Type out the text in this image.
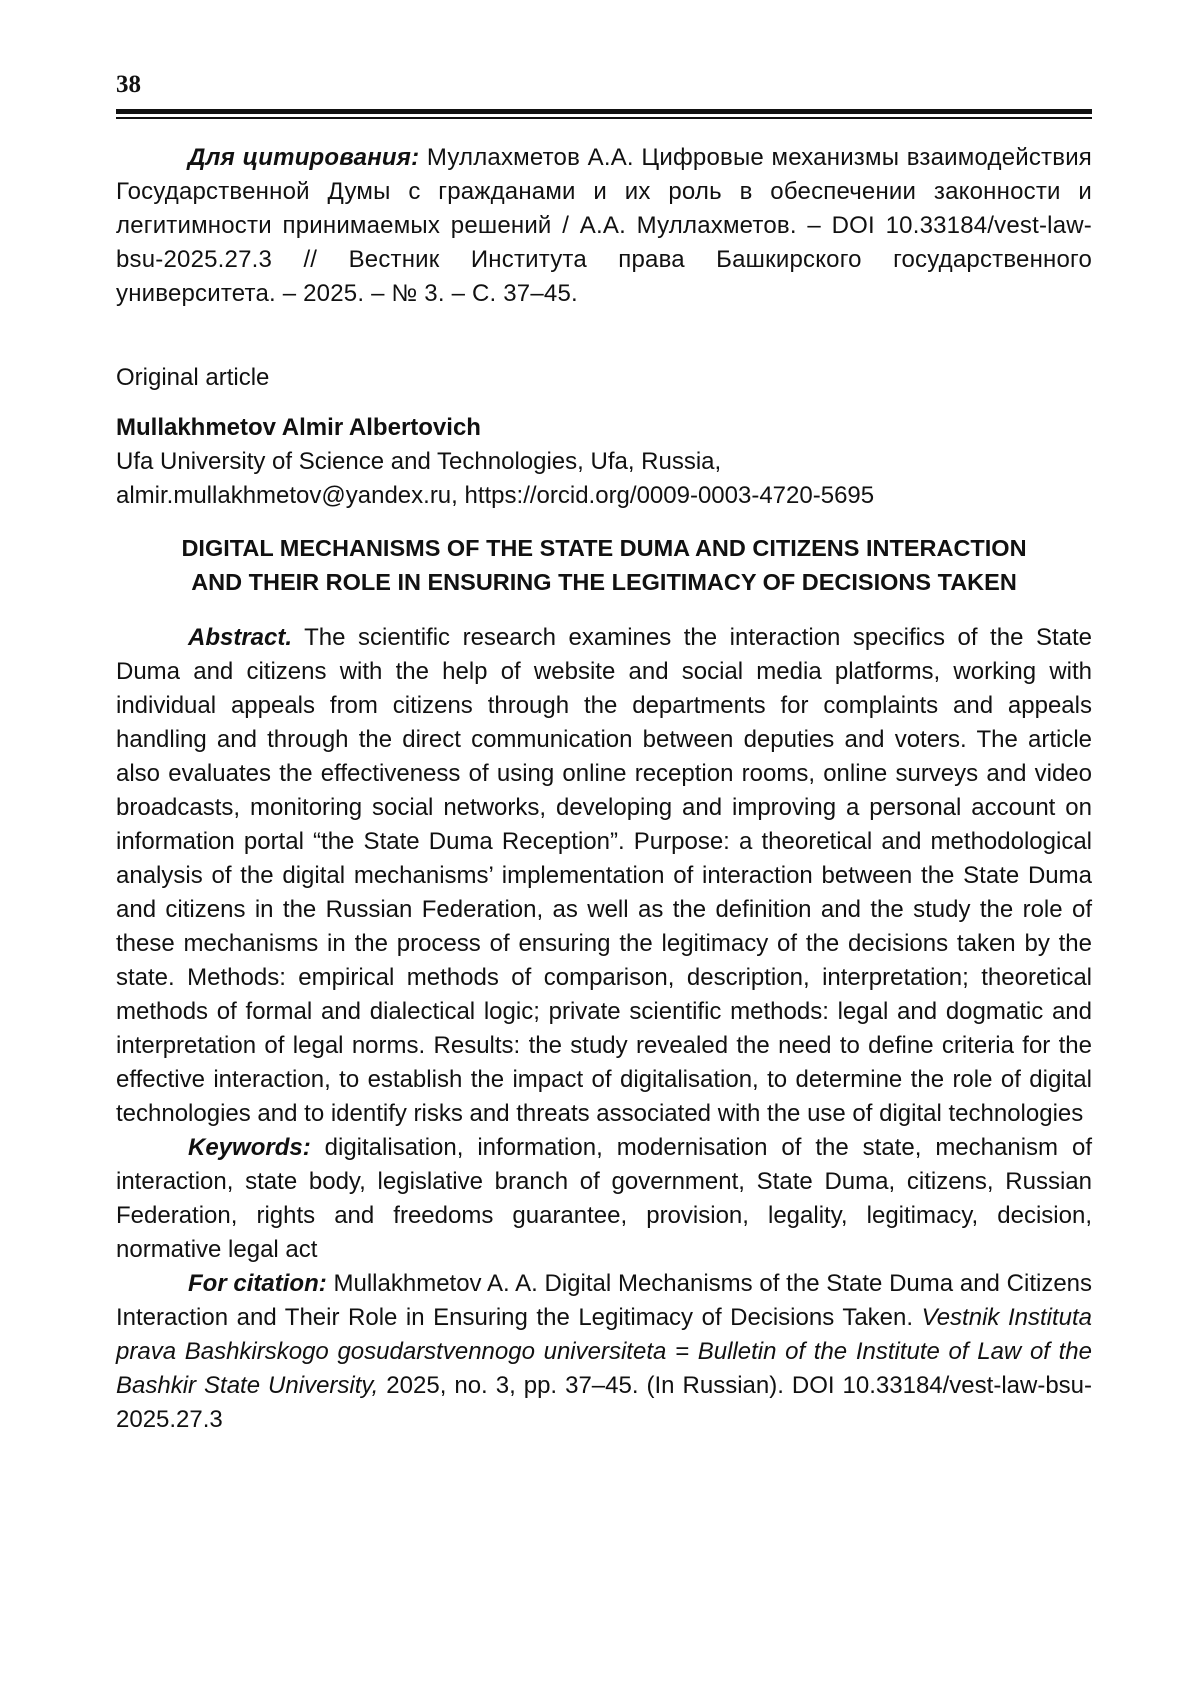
38

Для цитирования: Муллахметов А.А. Цифровые механизмы взаимодействия Государственной Думы с гражданами и их роль в обеспечении законности и легитимности принимаемых решений / А.А. Муллахметов. – DOI 10.33184/vest-law-bsu-2025.27.3 // Вестник Института права Башкирского государственного университета. – 2025. – № 3. – С. 37–45.

Original article

Mullakhmetov Almir Albertovich

Ufa University of Science and Technologies, Ufa, Russia,

almir.mullakhmetov@yandex.ru, https://orcid.org/0009-0003-4720-5695

DIGITAL MECHANISMS OF THE STATE DUMA AND CITIZENS INTERACTION

AND THEIR ROLE IN ENSURING THE LEGITIMACY OF DECISIONS TAKEN

Abstract. The scientific research examines the interaction specifics of the State Duma and citizens with the help of website and social media platforms, working with individual appeals from citizens through the departments for complaints and appeals handling and through the direct communication between deputies and voters. The article also evaluates the effectiveness of using online reception rooms, online surveys and video broadcasts, monitoring social networks, developing and improving a personal account on information portal “the State Duma Reception”. Purpose: a theoretical and methodological analysis of the digital mechanisms’ implementation of interaction between the State Duma and citizens in the Russian Federation, as well as the definition and the study the role of these mechanisms in the process of ensuring the legitimacy of the decisions taken by the state. Methods: empirical methods of comparison, description, interpretation; theoretical methods of formal and dialectical logic; private scientific methods: legal and dogmatic and interpretation of legal norms. Results: the study revealed the need to define criteria for the effective interaction, to establish the impact of digitalisation, to determine the role of digital technologies and to identify risks and threats associated with the use of digital technologies

Keywords: digitalisation, information, modernisation of the state, mechanism of interaction, state body, legislative branch of government, State Duma, citizens, Russian Federation, rights and freedoms guarantee, provision, legality, legitimacy, decision, normative legal act

For citation: Mullakhmetov A. A. Digital Mechanisms of the State Duma and Citizens Interaction and Their Role in Ensuring the Legitimacy of Decisions Taken. Vestnik Instituta prava Bashkirskogo gosudarstvennogo universiteta = Bulletin of the Institute of Law of the Bashkir State University, 2025, no. 3, pp. 37–45. (In Russian). DOI 10.33184/vest-law-bsu-2025.27.3
